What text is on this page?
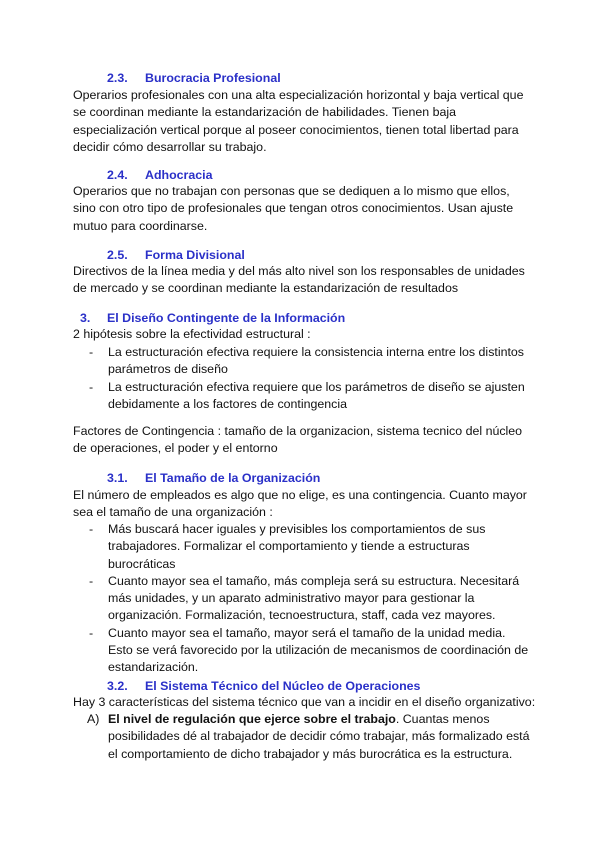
2.3. Burocracia Profesional

Operarios profesionales con una alta especialización horizontal y baja vertical que se coordinan mediante la estandarización de habilidades. Tienen baja especialización vertical porque al poseer conocimientos, tienen total libertad para decidir cómo desarrollar su trabajo.

2.4. Adhocracia

Operarios que no trabajan con personas que se dediquen a lo mismo que ellos, sino con otro tipo de profesionales que tengan otros conocimientos. Usan ajuste mutuo para coordinarse.

2.5. Forma Divisional

Directivos de la línea media y del más alto nivel son los responsables de unidades de mercado y se coordinan mediante la estandarización de resultados

3. El Diseño Contingente de la Información

2 hipótesis sobre la efectividad estructural :

- La estructuración efectiva requiere la consistencia interna entre los distintos parámetros de diseño
- La estructuración efectiva requiere que los parámetros de diseño se ajusten debidamente a los factores de contingencia

Factores de Contingencia : tamaño de la organizacion, sistema tecnico del núcleo de operaciones, el poder y el entorno

3.1. El Tamaño de la Organización

El número de empleados es algo que no elige, es una contingencia. Cuanto mayor sea el tamaño de una organización :

- Más buscará hacer iguales y previsibles los comportamientos de sus trabajadores. Formalizar el comportamiento y tiende a estructuras burocráticas
- Cuanto mayor sea el tamaño, más compleja será su estructura. Necesitará más unidades, y un aparato administrativo mayor para gestionar la organización. Formalización, tecnoestructura, staff, cada vez mayores.
- Cuanto mayor sea el tamaño, mayor será el tamaño de la unidad media. Esto se verá favorecido por la utilización de mecanismos de coordinación de estandarización.
3.2. El Sistema Técnico del Núcleo de Operaciones

Hay 3 características del sistema técnico que van a incidir en el diseño organizativo:

A) El nivel de regulación que ejerce sobre el trabajo. Cuantas menos posibilidades dé al trabajador de decidir cómo trabajar, más formalizado está el comportamiento de dicho trabajador y más burocrática es la estructura.
